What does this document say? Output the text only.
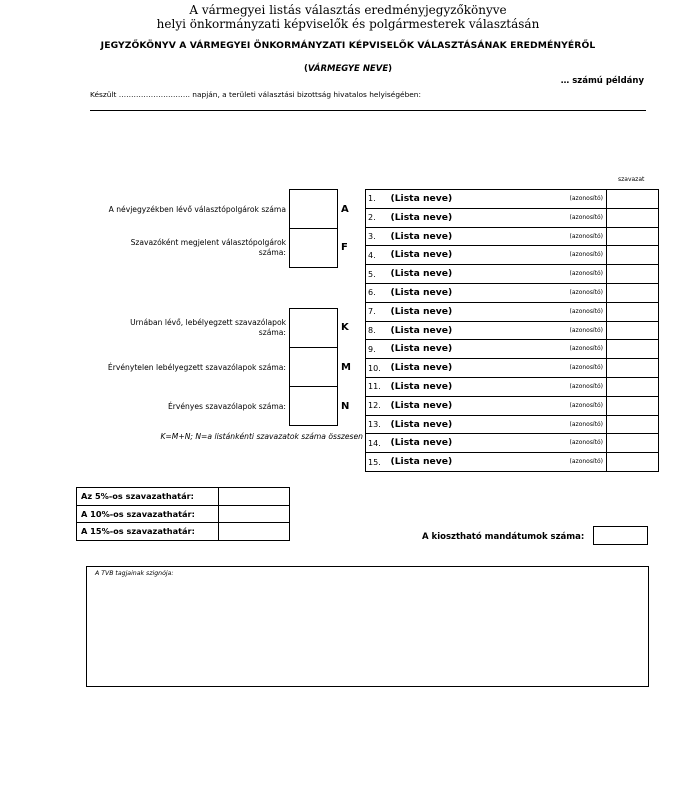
A vármegyei listás választás eredményjegyzőkönyve
helyi önkormányzati képviselők és polgármesterek választásán
JEGYZŐKÖNYV A VÁRMEGYEI ÖNKORMÁNYZATI KÉPVISELŐK VÁLASZTÁSÁNAK EREDMÉNYÉRŐL
(VÁRMEGYE NEVE)
… számú példány
Készült ……………………….. napján, a területi választási bizottság hivatalos helyiségében:
A névjegyzékben lévő választópolgárok száma	A
Szavazóként megjelent választópolgárok
száma:	F
Urnában lévő, lebélyegzett szavazólapok
száma:	K
Érvénytelen lebélyegzett szavazólapok száma:	M
Érvényes szavazólapok száma:	N
K=M+N; N=a listánkénti szavazatok száma összesen
szavazat
1.	(Lista neve) (azonosító)	

2.	(Lista neve) (azonosító)	

3.	(Lista neve) (azonosító)	

4.	(Lista neve) (azonosító)	

5.	(Lista neve) (azonosító)	

6.	(Lista neve) (azonosító)	

7.	(Lista neve) (azonosító)	

8.	(Lista neve) (azonosító)	

9.	(Lista neve) (azonosító)	

10.	(Lista neve) (azonosító)	

11.	(Lista neve) (azonosító)	

12.	(Lista neve) (azonosító)	

13.	(Lista neve) (azonosító)	

14.	(Lista neve) (azonosító)	

15.	(Lista neve) (azonosító)	

Az 5%-os szavazathatár:	
A 10%-os szavazathatár:	
A 15%-os szavazathatár:	
A kiosztható mandátumok száma:
A TVB tagjainak szignója:
